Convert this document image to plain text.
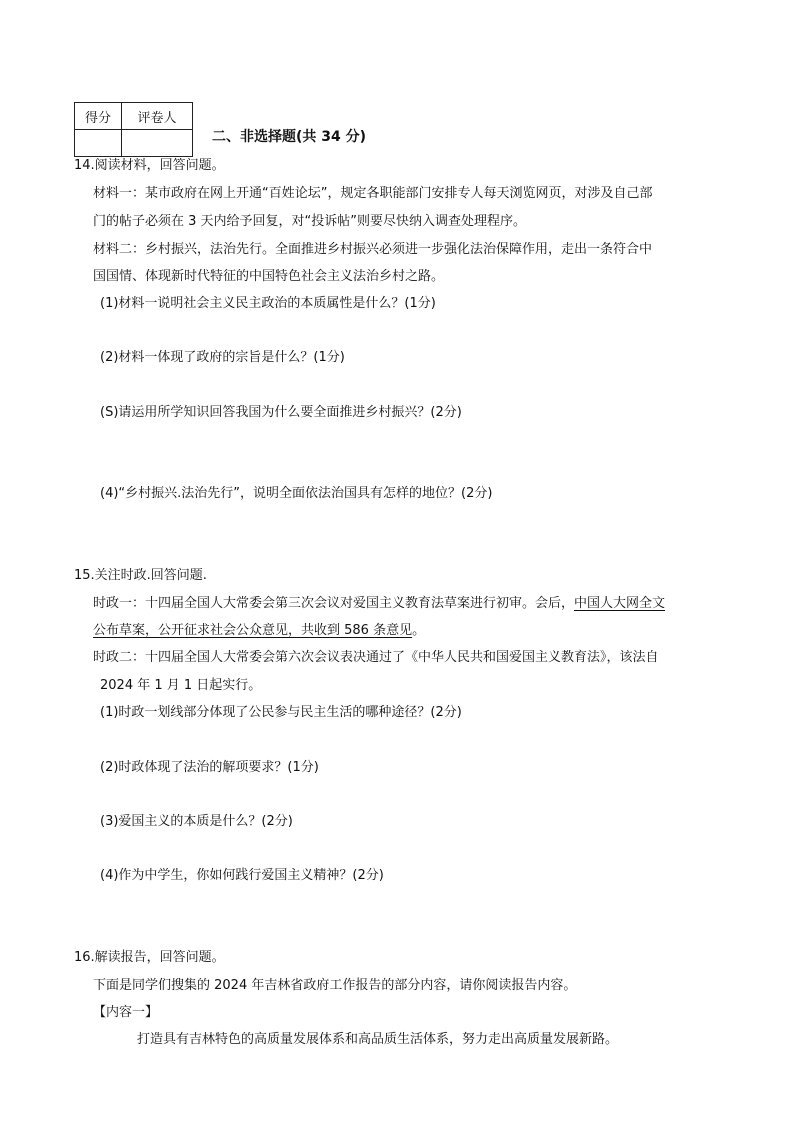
得分	评卷人

二、非选择题(共 34 分)
14.阅读材料，回答问题。
材料一：某市政府在网上开通“百姓论坛”，规定各职能部门安排专人每天浏览网页，对涉及自己部
门的帖子必须在 3 天内给予回复，对“投诉帖”则要尽快纳入调查处理程序。
材料二：乡村振兴，法治先行。全面推进乡村振兴必须进一步强化法治保障作用，走出一条符合中
国国情、体现新时代特征的中国特色社会主义法治乡村之路。
(1)材料一说明社会主义民主政治的本质属性是什么？(1分)
(2)材料一体现了政府的宗旨是什么？(1分)
(S)请运用所学知识回答我国为什么要全面推进乡村振兴？(2分)
(4)“乡村振兴.法治先行”，说明全面依法治国具有怎样的地位？(2分)
15.关注时政.回答问题.
时政一：十四届全国人大常委会第三次会议对爱国主义教育法草案进行初审。会后，中国人大网全文
公布草案，公开征求社会公众意见，共收到 586 条意见。
时政二：十四届全国人大常委会第六次会议表决通过了《中华人民共和国爱国主义教育法》，该法自
2024 年 1 月 1 日起实行。
(1)时政一划线部分体现了公民参与民主生活的哪种途径？(2分)
(2)时政体现了法治的解项要求？(1分)
(3)爱国主义的本质是什么？(2分)
(4)作为中学生，你如何践行爱国主义精神？(2分)
16.解读报告，回答问题。
下面是同学们搜集的 2024 年吉林省政府工作报告的部分内容，请你阅读报告内容。
【内容一】
打造具有吉林特色的高质量发展体系和高品质生活体系，努力走出高质量发展新路。
